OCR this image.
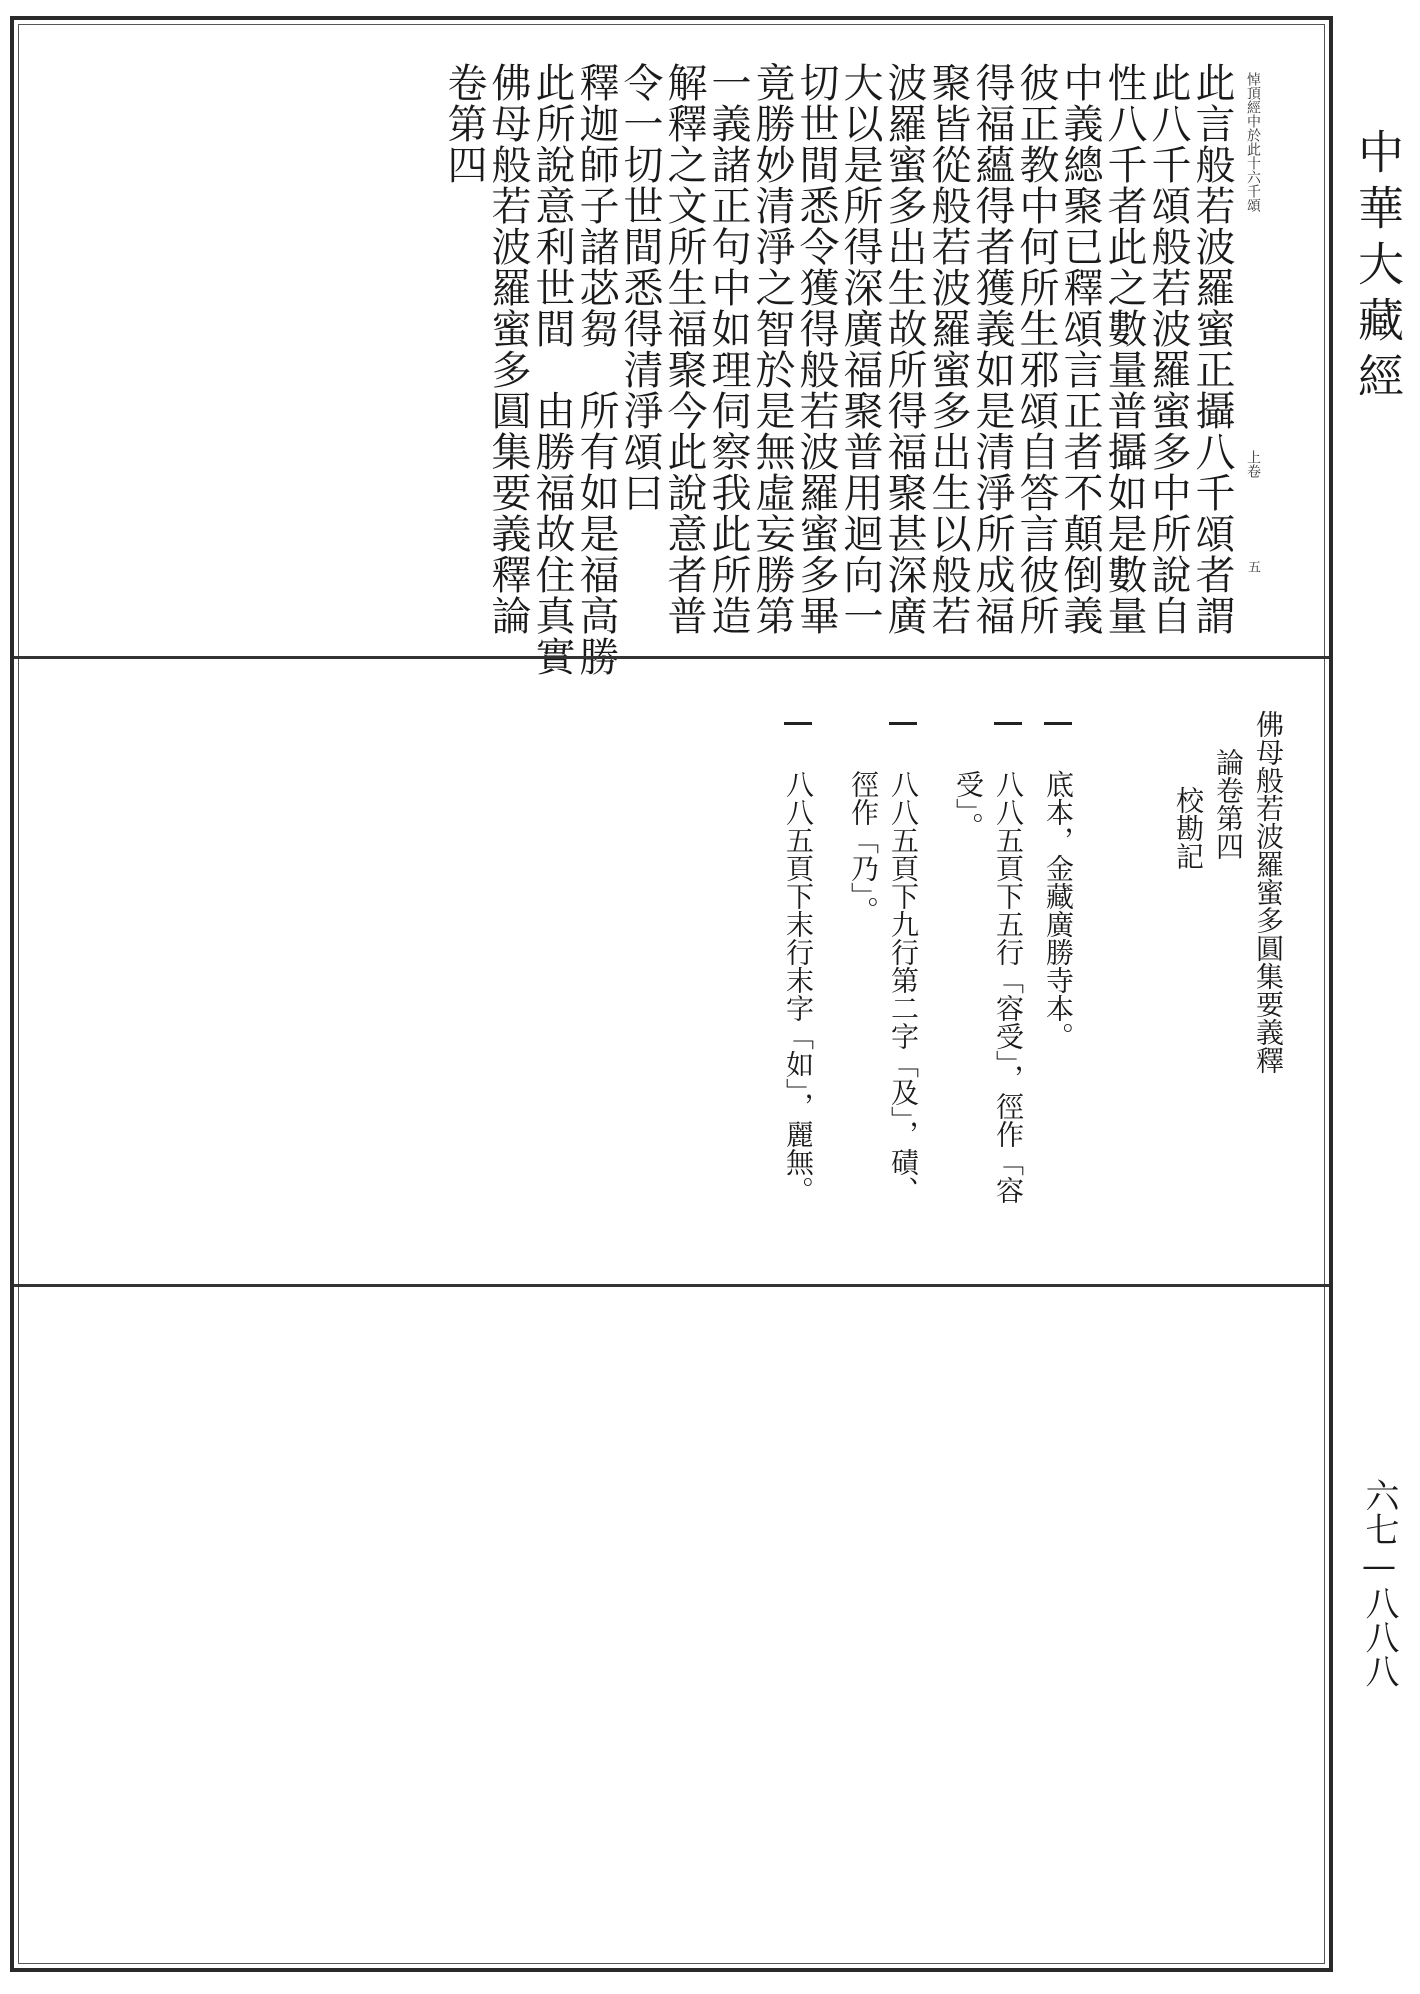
悼頂經中於此十六千頌
上卷
此言般若波羅蜜正攝八千頌者謂
此八千頌般若波羅蜜多中所說自
性八千者此之數量普攝如是數量
中義總聚已釋頌言正者不顛倒義
彼正教中何所生邪頌自答言彼所
得福蘊得者獲義如是清淨所成福
聚皆從般若波羅蜜多出生以般若
波羅蜜多出生故所得福聚甚深廣
大以是所得深廣福聚普用迴向一
切世間悉令獲得般若波羅蜜多畢
竟勝妙清淨之智於是無虛妄勝第
一義諸正句中如理伺察我此所造
解釋之文所生福聚今此說意者普
令一切世間悉得清淨頌曰
釋迦師子諸苾芻　所有如是福高勝
此所說意利世間　由勝福故住真實
佛母般若波羅蜜多圓集要義釋論
卷第四
五
佛母般若波羅蜜多圓集要義釋
論卷第四
校勘記
底本，金藏廣勝寺本。
八八五頁下五行「容受」，徑作「容
受」。
八八五頁下九行第二字「及」，磧、
徑作「乃」。
八八五頁下末行末字「如」，麗無。
中華大藏經
六七—八八八
